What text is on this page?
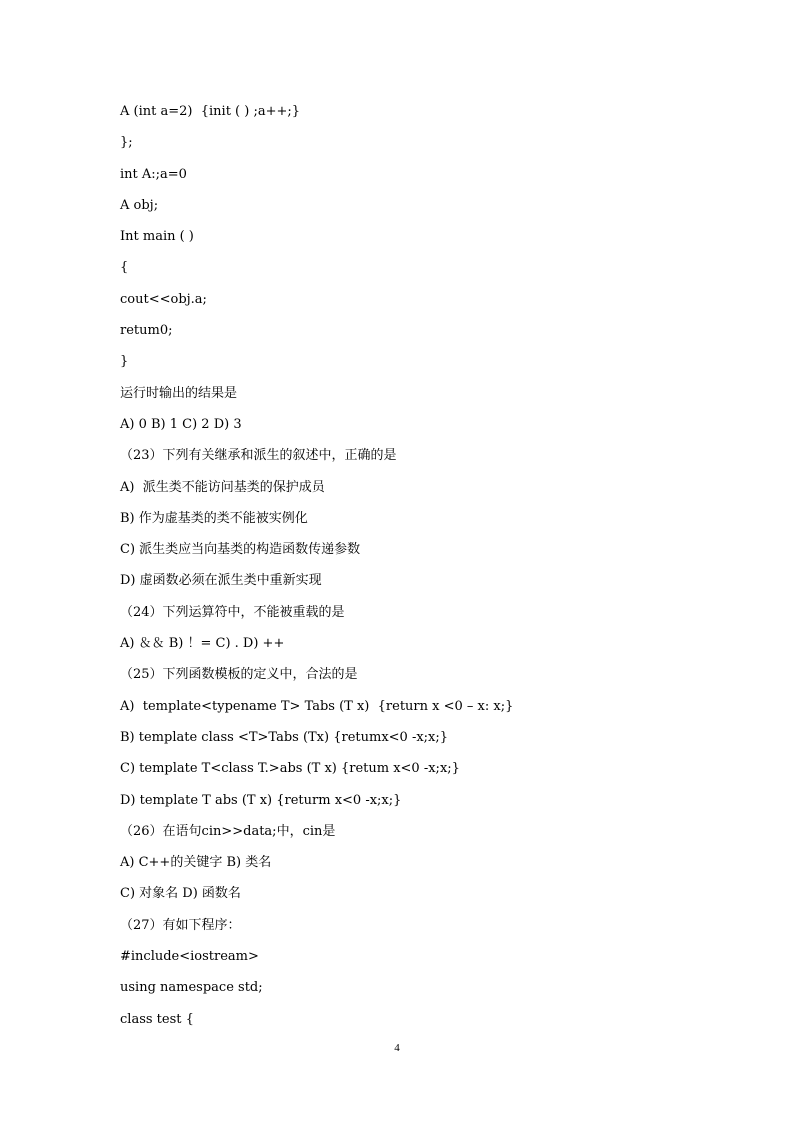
A (int a=2)  {init ( ) ;a++;}
};
int A:;a=0
A obj;
Int main ( )
{
cout<<obj.a;
retum0;
}
运行时输出的结果是
A) 0 B) 1 C) 2 D) 3
（23）下列有关继承和派生的叙述中，正确的是
A)  派生类不能访问基类的保护成员
B) 作为虚基类的类不能被实例化
C) 派生类应当向基类的构造函数传递参数
D) 虚函数必须在派生类中重新实现
（24）下列运算符中，不能被重载的是
A) ＆＆ B) ！= C) . D) ++
（25）下列函数模板的定义中，合法的是
A)  template<typename T> Tabs (T x)  {return x <0 – x: x;}
B) template class <T>Tabs (Tx) {retumx<0 -x;x;}
C) template T<class T.>abs (T x) {retum x<0 -x;x;}
D) template T abs (T x) {returm x<0 -x;x;}
（26）在语句cin>>data;中，cin是
A) C++的关键字 B) 类名
C) 对象名 D) 函数名
（27）有如下程序：
#include<iostream>
using namespace std;
class test {
4
